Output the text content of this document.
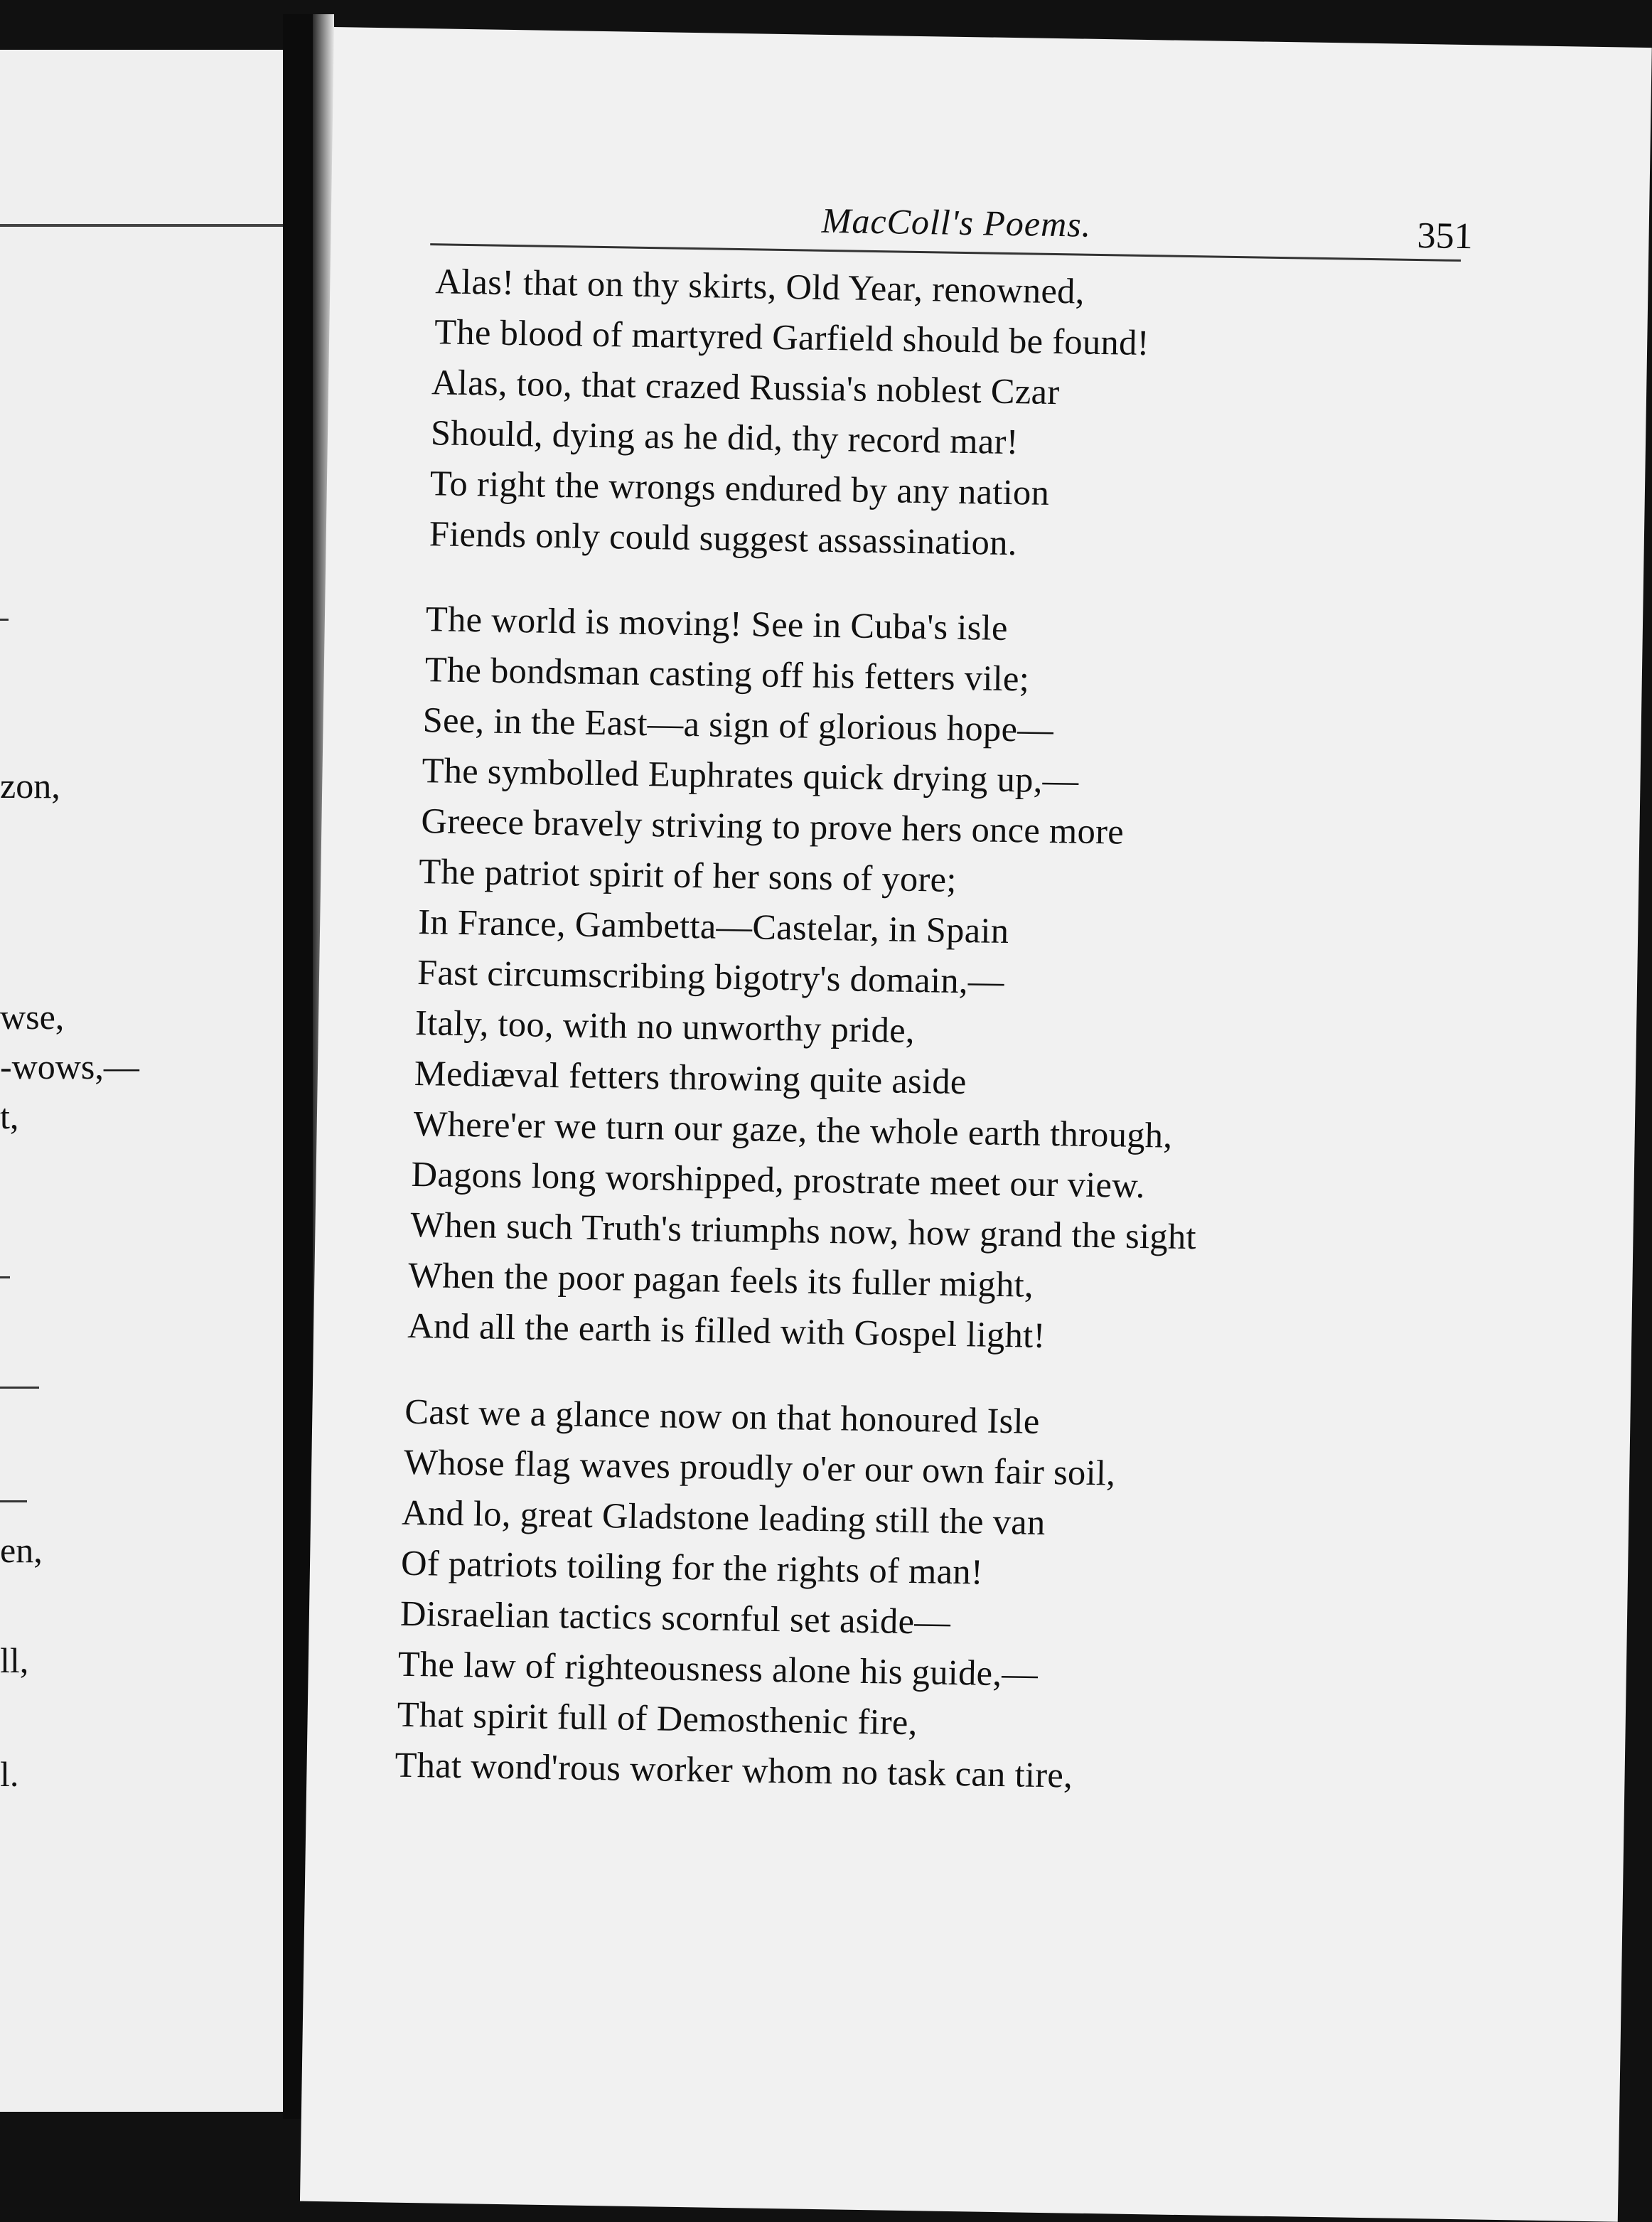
zon,
wse,
-wows,—
t,
en,
ll,
l.
MacColl's Poems.	351
Alas! that on thy skirts, Old Year, renowned,
The blood of martyred Garfield should be found!
Alas, too, that crazed Russia's noblest Czar
Should, dying as he did, thy record mar!
To right the wrongs endured by any nation
Fiends only could suggest assassination.
The world is moving! See in Cuba's isle
The bondsman casting off his fetters vile;
See, in the East—a sign of glorious hope—
The symbolled Euphrates quick drying up,—
Greece bravely striving to prove hers once more
The patriot spirit of her sons of yore;
In France, Gambetta—Castelar, in Spain
Fast circumscribing bigotry's domain,—
Italy, too, with no unworthy pride,
Mediæval fetters throwing quite aside
Where'er we turn our gaze, the whole earth through,
Dagons long worshipped, prostrate meet our view.
When such Truth's triumphs now, how grand the sight
When the poor pagan feels its fuller might,
And all the earth is filled with Gospel light!
Cast we a glance now on that honoured Isle
Whose flag waves proudly o'er our own fair soil,
And lo, great Gladstone leading still the van
Of patriots toiling for the rights of man!
Disraelian tactics scornful set aside—
The law of righteousness alone his guide,—
That spirit full of Demosthenic fire,
That wond'rous worker whom no task can tire,
